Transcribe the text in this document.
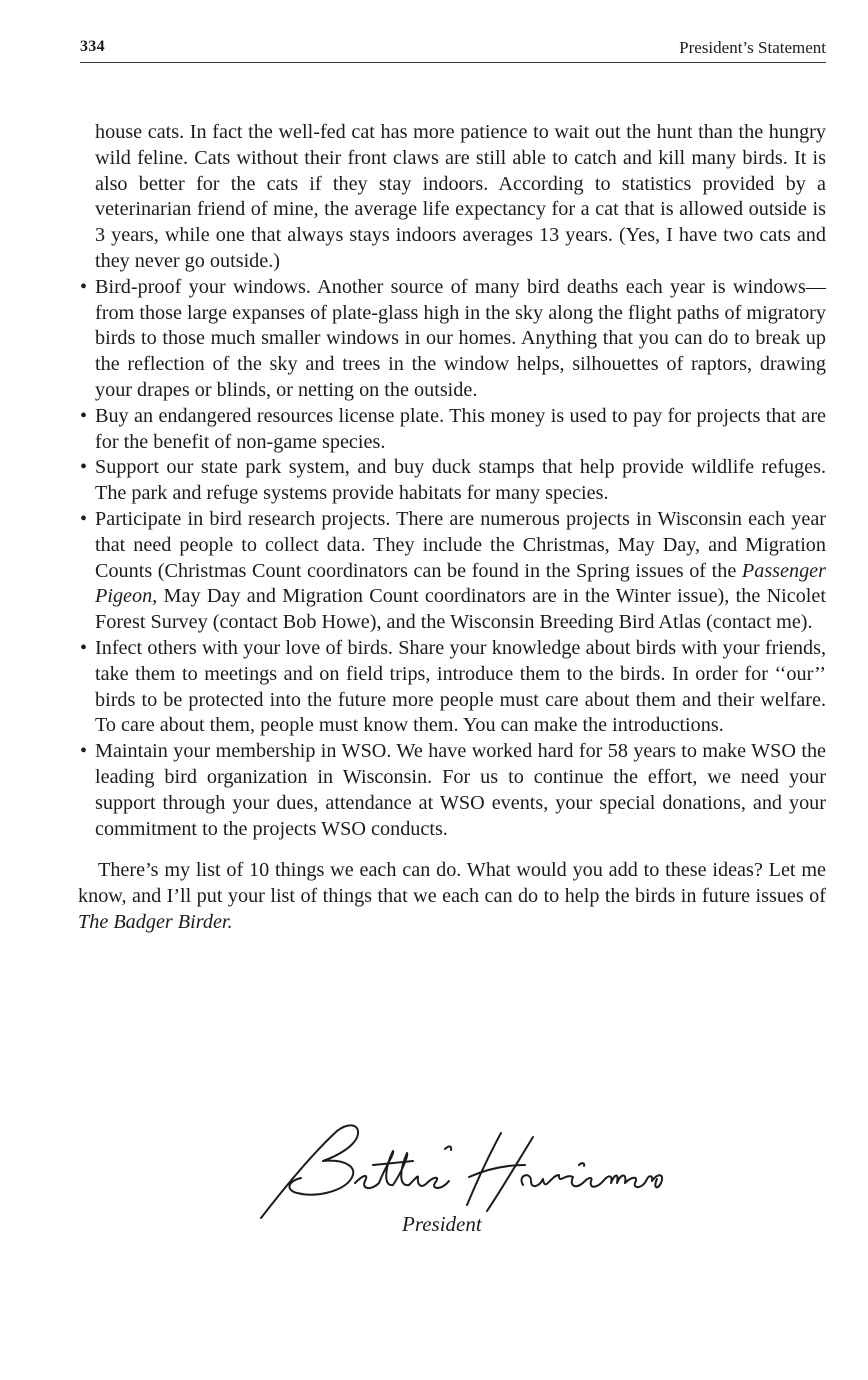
334	President’s Statement

house cats. In fact the well-fed cat has more patience to wait out the hunt than the hungry wild feline. Cats without their front claws are still able to catch and kill many birds. It is also better for the cats if they stay indoors. According to statistics provided by a veterinarian friend of mine, the average life expectancy for a cat that is allowed outside is 3 years, while one that always stays indoors averages 13 years. (Yes, I have two cats and they never go outside.)

• Bird-proof your windows. Another source of many bird deaths each year is windows—from those large expanses of plate-glass high in the sky along the flight paths of migratory birds to those much smaller windows in our homes. Anything that you can do to break up the reflection of the sky and trees in the window helps, silhouettes of raptors, drawing your drapes or blinds, or netting on the outside.
• Buy an endangered resources license plate. This money is used to pay for projects that are for the benefit of non-game species.
• Support our state park system, and buy duck stamps that help provide wildlife refuges. The park and refuge systems provide habitats for many species.
• Participate in bird research projects. There are numerous projects in Wisconsin each year that need people to collect data. They include the Christmas, May Day, and Migration Counts (Christmas Count coordinators can be found in the Spring issues of the Passenger Pigeon, May Day and Migration Count coordinators are in the Winter issue), the Nicolet Forest Survey (contact Bob Howe), and the Wisconsin Breeding Bird Atlas (contact me).
• Infect others with your love of birds. Share your knowledge about birds with your friends, take them to meetings and on field trips, introduce them to the birds. In order for ‘‘our’’ birds to be protected into the future more people must care about them and their welfare. To care about them, people must know them. You can make the introductions.
• Maintain your membership in WSO. We have worked hard for 58 years to make WSO the leading bird organization in Wisconsin. For us to continue the effort, we need your support through your dues, attendance at WSO events, your special donations, and your commitment to the projects WSO conducts.

There’s my list of 10 things we each can do. What would you add to these ideas? Let me know, and I’ll put your list of things that we each can do to help the birds in future issues of The Badger Birder.

President
